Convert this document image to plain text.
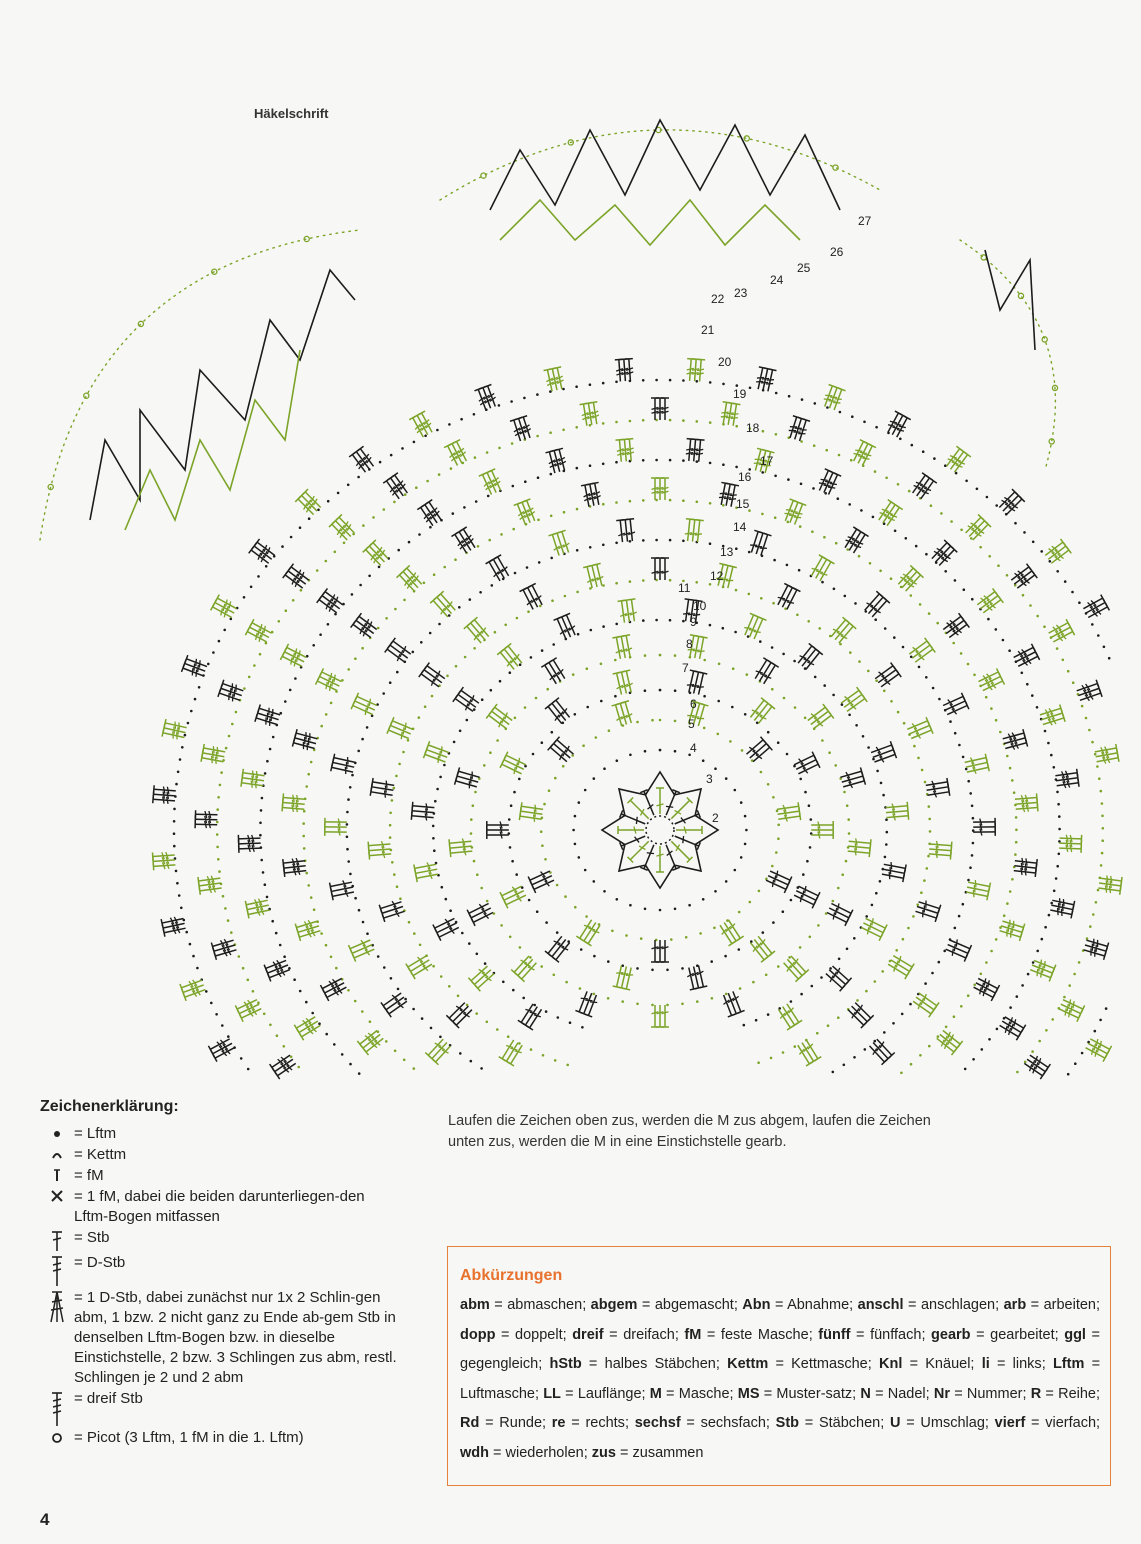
Häkelschrift
2
3
4
5
6
7
8
9
10
11
12
13
14
15
16
17
18
19
20
21
22 23
24
25
26
27
Zeichenerklärung:
= Lftm
= Kettm
= fM
= 1 fM, dabei die beiden darunterliegen-den Lftm-Bogen mitfassen
= Stb
= D-Stb
= 1 D-Stb, dabei zunächst nur 1x 2 Schlin-gen abm, 1 bzw. 2 nicht ganz zu Ende ab-gem Stb in denselben Lftm-Bogen bzw. in dieselbe Einstichstelle, 2 bzw. 3 Schlingen zus abm, restl. Schlingen je 2 und 2 abm
= dreif Stb
= Picot (3 Lftm, 1 fM in die 1. Lftm)
Laufen die Zeichen oben zus, werden die M zus abgem, laufen die Zeichen unten zus, werden die M in eine Einstichstelle gearb.
Abkürzungen
abm = abmaschen; abgem = abgemascht; Abn = Abnahme; anschl = anschlagen; arb = arbeiten; dopp = doppelt; dreif = dreifach; fM = feste Masche; fünff = fünffach; gearb = gearbeitet; ggl = gegengleich; hStb = halbes Stäbchen; Kettm = Kettmasche; Knl = Knäuel; li = links; Lftm = Luftmasche; LL = Lauflänge; M = Masche; MS = Muster-satz; N = Nadel; Nr = Nummer; R = Reihe; Rd = Runde; re = rechts; sechsf = sechsfach; Stb = Stäbchen; U = Umschlag; vierf = vierfach; wdh = wiederholen; zus = zusammen
4
